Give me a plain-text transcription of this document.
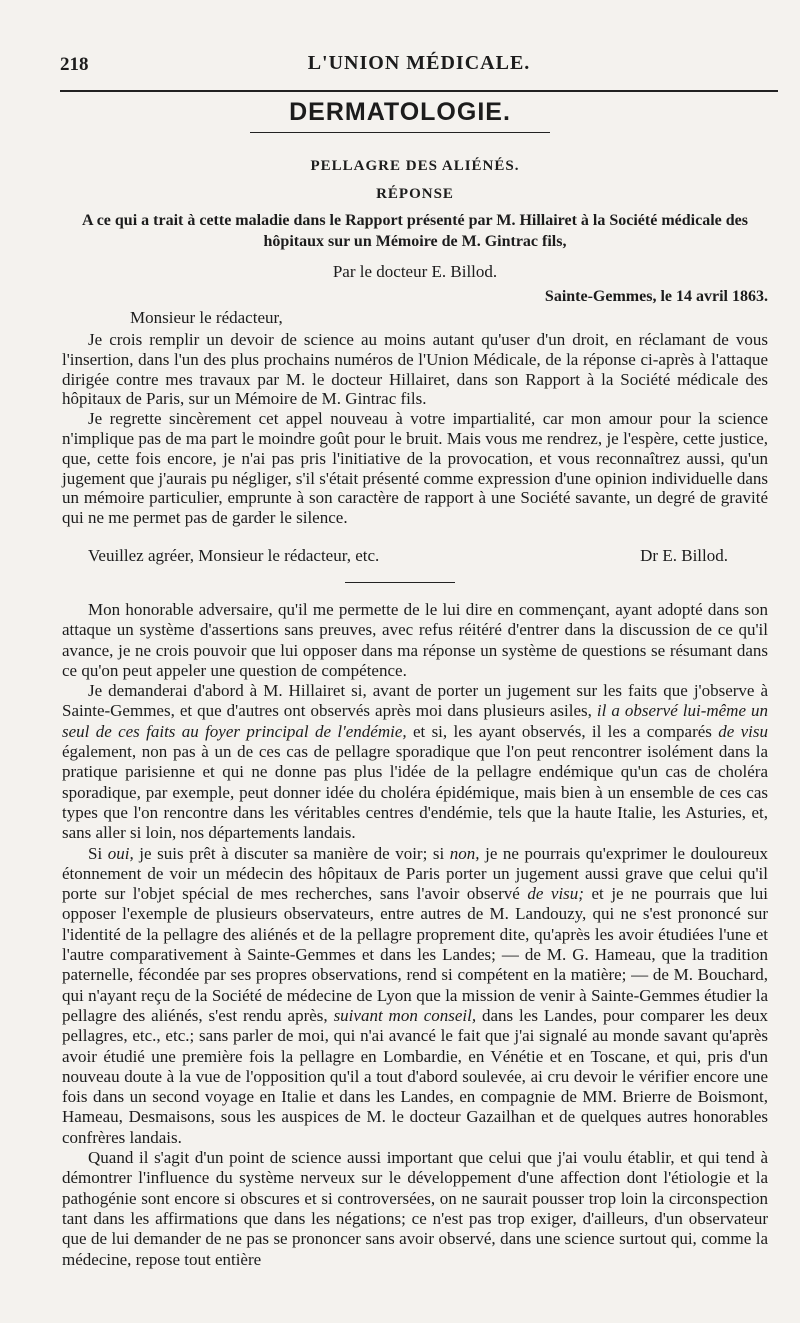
218	L'UNION MÉDICALE.
DERMATOLOGIE.
PELLAGRE DES ALIÉNÉS.
RÉPONSE
A ce qui a trait à cette maladie dans le Rapport présenté par M. Hillairet à la Société médicale des
hôpitaux sur un Mémoire de M. Gintrac fils,
Par le docteur E. Billod.
Sainte-Gemmes, le 14 avril 1863.
Monsieur le rédacteur,

Je crois remplir un devoir de science au moins autant qu'user d'un droit, en réclamant de vous l'insertion, dans l'un des plus prochains numéros de l'Union Médicale, de la réponse ci-après à l'attaque dirigée contre mes travaux par M. le docteur Hillairet, dans son Rapport à la Société médicale des hôpitaux de Paris, sur un Mémoire de M. Gintrac fils.

Je regrette sincèrement cet appel nouveau à votre impartialité, car mon amour pour la science n'implique pas de ma part le moindre goût pour le bruit. Mais vous me rendrez, je l'espère, cette justice, que, cette fois encore, je n'ai pas pris l'initiative de la provocation, et vous reconnaîtrez aussi, qu'un jugement que j'aurais pu négliger, s'il s'était présenté comme expression d'une opinion individuelle dans un mémoire particulier, emprunte à son caractère de rapport à une Société savante, un degré de gravité qui ne me permet pas de garder le silence.

Veuillez agréer, Monsieur le rédacteur, etc.	Dr E. Billod.

Mon honorable adversaire, qu'il me permette de le lui dire en commençant, ayant adopté dans son attaque un système d'assertions sans preuves, avec refus réitéré d'entrer dans la discussion de ce qu'il avance, je ne crois pouvoir que lui opposer dans ma réponse un système de questions se résumant dans ce qu'on peut appeler une question de compétence.

Je demanderai d'abord à M. Hillairet si, avant de porter un jugement sur les faits que j'observe à Sainte-Gemmes, et que d'autres ont observés après moi dans plusieurs asiles, il a observé lui-même un seul de ces faits au foyer principal de l'endémie, et si, les ayant observés, il les a comparés de visu également, non pas à un de ces cas de pellagre sporadique que l'on peut rencontrer isolément dans la pratique parisienne et qui ne donne pas plus l'idée de la pellagre endémique qu'un cas de choléra sporadique, par exemple, peut donner idée du choléra épidémique, mais bien à un ensemble de ces cas types que l'on rencontre dans les véritables centres d'endémie, tels que la haute Italie, les Asturies, et, sans aller si loin, nos départements landais.

Si oui, je suis prêt à discuter sa manière de voir; si non, je ne pourrais qu'exprimer le douloureux étonnement de voir un médecin des hôpitaux de Paris porter un jugement aussi grave que celui qu'il porte sur l'objet spécial de mes recherches, sans l'avoir observé de visu; et je ne pourrais que lui opposer l'exemple de plusieurs observateurs, entre autres de M. Landouzy, qui ne s'est prononcé sur l'identité de la pellagre des aliénés et de la pellagre proprement dite, qu'après les avoir étudiées l'une et l'autre comparativement à Sainte-Gemmes et dans les Landes; — de M. G. Hameau, que la tradition paternelle, fécondée par ses propres observations, rend si compétent en la matière; — de M. Bouchard, qui n'ayant reçu de la Société de médecine de Lyon que la mission de venir à Sainte-Gemmes étudier la pellagre des aliénés, s'est rendu après, suivant mon conseil, dans les Landes, pour comparer les deux pellagres, etc., etc.; sans parler de moi, qui n'ai avancé le fait que j'ai signalé au monde savant qu'après avoir étudié une première fois la pellagre en Lombardie, en Vénétie et en Toscane, et qui, pris d'un nouveau doute à la vue de l'opposition qu'il a tout d'abord soulevée, ai cru devoir le vérifier encore une fois dans un second voyage en Italie et dans les Landes, en compagnie de MM. Brierre de Boismont, Hameau, Desmaisons, sous les auspices de M. le docteur Gazailhan et de quelques autres honorables confrères landais.

Quand il s'agit d'un point de science aussi important que celui que j'ai voulu établir, et qui tend à démontrer l'influence du système nerveux sur le développement d'une affection dont l'étiologie et la pathogénie sont encore si obscures et si controversées, on ne saurait pousser trop loin la circonspection tant dans les affirmations que dans les négations; ce n'est pas trop exiger, d'ailleurs, d'un observateur que de lui demander de ne pas se prononcer sans avoir observé, dans une science surtout qui, comme la médecine, repose tout entière
